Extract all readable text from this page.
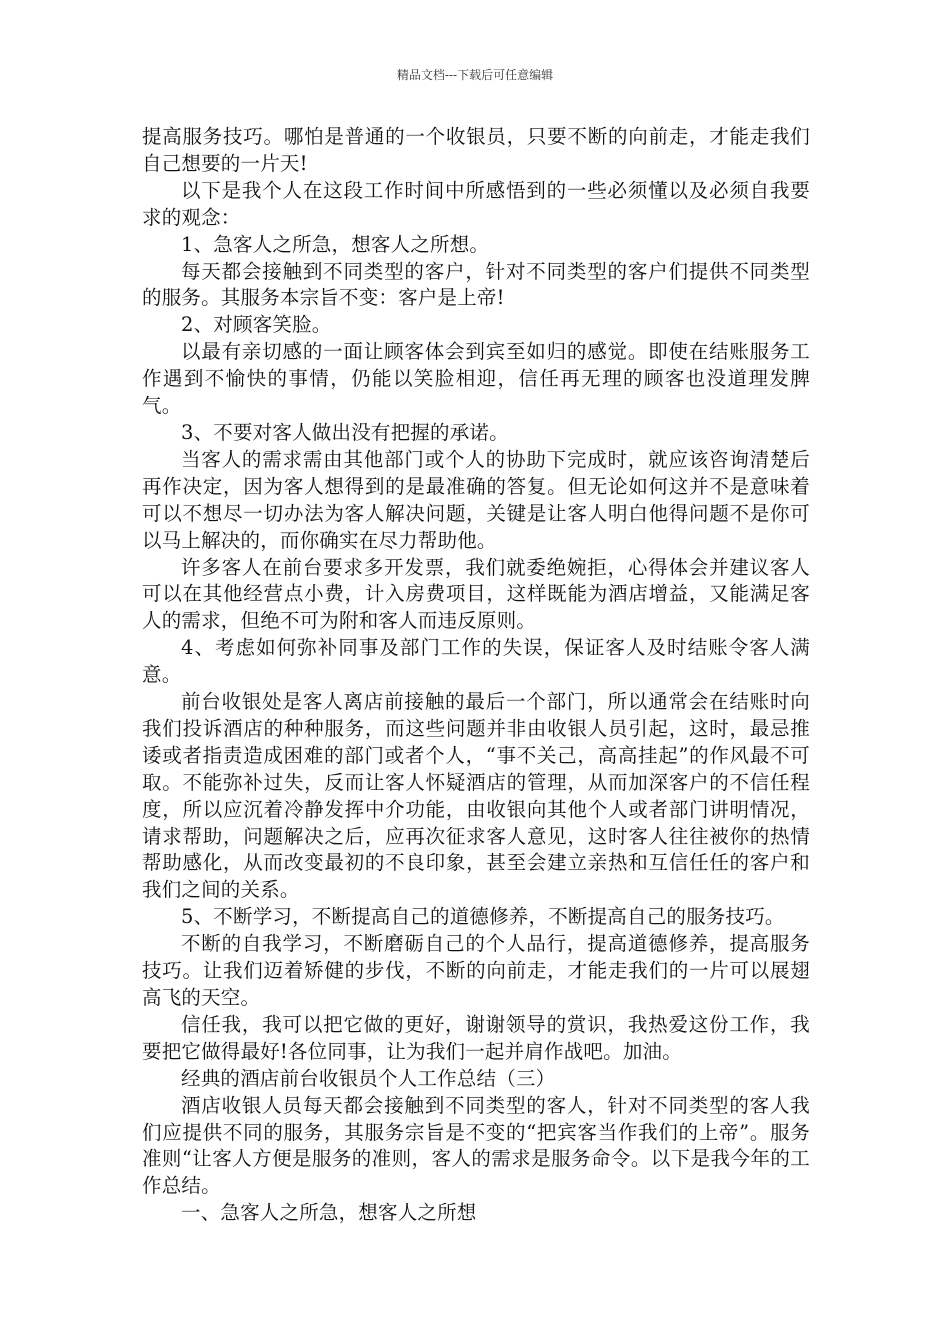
精品文档---下载后可任意编辑

提高服务技巧。哪怕是普通的一个收银员，只要不断的向前走，才能走我们自己想要的一片天!

以下是我个人在这段工作时间中所感悟到的一些必须懂以及必须自我要求的观念：

1、急客人之所急，想客人之所想。

每天都会接触到不同类型的客户，针对不同类型的客户们提供不同类型的服务。其服务本宗旨不变：客户是上帝!

2、对顾客笑脸。

以最有亲切感的一面让顾客体会到宾至如归的感觉。即使在结账服务工作遇到不愉快的事情，仍能以笑脸相迎，信任再无理的顾客也没道理发脾气。

3、不要对客人做出没有把握的承诺。

当客人的需求需由其他部门或个人的协助下完成时，就应该咨询清楚后再作决定，因为客人想得到的是最准确的答复。但无论如何这并不是意味着可以不想尽一切办法为客人解决问题，关键是让客人明白他得问题不是你可以马上解决的，而你确实在尽力帮助他。

许多客人在前台要求多开发票，我们就委绝婉拒，心得体会并建议客人可以在其他经营点小费，计入房费项目，这样既能为酒店增益，又能满足客人的需求，但绝不可为附和客人而违反原则。

4、考虑如何弥补同事及部门工作的失误，保证客人及时结账令客人满意。

前台收银处是客人离店前接触的最后一个部门，所以通常会在结账时向我们投诉酒店的种种服务，而这些问题并非由收银人员引起，这时，最忌推诿或者指责造成困难的部门或者个人，“事不关己，高高挂起”的作风最不可取。不能弥补过失，反而让客人怀疑酒店的管理，从而加深客户的不信任程度，所以应沉着冷静发挥中介功能，由收银向其他个人或者部门讲明情况，请求帮助，问题解决之后，应再次征求客人意见，这时客人往往被你的热情帮助感化，从而改变最初的不良印象，甚至会建立亲热和互信任任的客户和我们之间的关系。

5、不断学习，不断提高自己的道德修养，不断提高自己的服务技巧。

不断的自我学习，不断磨砺自己的个人品行，提高道德修养，提高服务技巧。让我们迈着矫健的步伐，不断的向前走，才能走我们的一片可以展翅高飞的天空。

信任我，我可以把它做的更好，谢谢领导的赏识，我热爱这份工作，我要把它做得最好!各位同事，让为我们一起并肩作战吧。加油。

经典的酒店前台收银员个人工作总结（三）

酒店收银人员每天都会接触到不同类型的客人，针对不同类型的客人我们应提供不同的服务，其服务宗旨是不变的“把宾客当作我们的上帝”。服务准则“让客人方便是服务的准则，客人的需求是服务命令。以下是我今年的工作总结。

一、急客人之所急，想客人之所想
